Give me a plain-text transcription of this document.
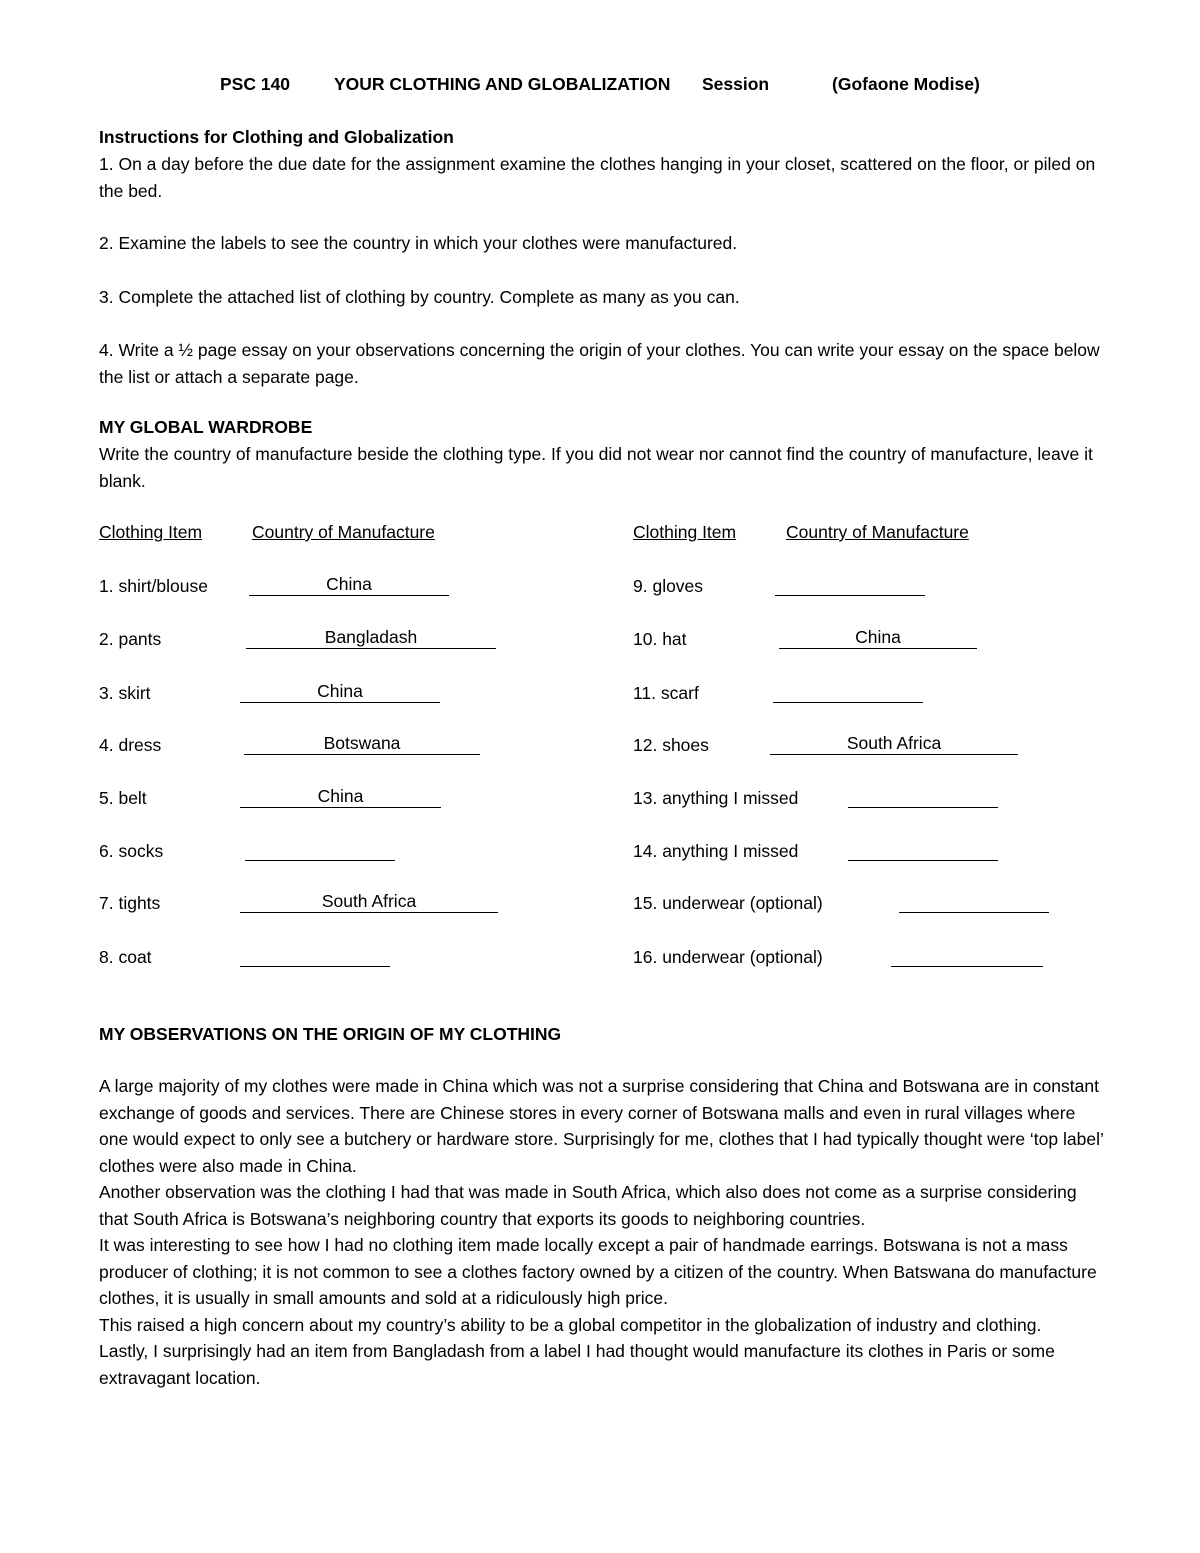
PSC 140	YOUR CLOTHING AND GLOBALIZATION Session	(Gofaone Modise)
Instructions for Clothing and Globalization
1. On a day before the due date for the assignment examine the clothes hanging in your closet, scattered on the floor, or piled on the bed.
2. Examine the labels to see the country in which your clothes were manufactured.
3. Complete the attached list of clothing by country. Complete as many as you can.
4. Write a ½ page essay on your observations concerning the origin of your clothes. You can write your essay on the space below the list or attach a separate page.
MY GLOBAL WARDROBE
Write the country of manufacture beside the clothing type. If you did not wear nor cannot find the country of manufacture, leave it blank.
Clothing Item	Country of Manufacture	Clothing Item	Country of Manufacture
1. shirt/blouse	China
2. pants	Bangladash
3. skirt	China
4. dress	Botswana
5. belt	China
6. socks
7. tights	South Africa
8. coat
9. gloves
10. hat	China
11. scarf
12. shoes	South Africa
13. anything I missed
14. anything I missed
15. underwear (optional)
16. underwear (optional)
MY OBSERVATIONS ON THE ORIGIN OF MY CLOTHING
A large majority of my clothes were made in China which was not a surprise considering that China and Botswana are in constant exchange of goods and services. There are Chinese stores in every corner of Botswana malls and even in rural villages where one would expect to only see a butchery or hardware store. Surprisingly for me, clothes that I had typically thought were ‘top label’ clothes were also made in China.
Another observation was the clothing I had that was made in South Africa, which also does not come as a surprise considering that South Africa is Botswana’s neighboring country that exports its goods to neighboring countries.
It was interesting to see how I had no clothing item made locally except a pair of handmade earrings. Botswana is not a mass producer of clothing; it is not common to see a clothes factory owned by a citizen of the country. When Batswana do manufacture clothes, it is usually in small amounts and sold at a ridiculously high price.
This raised a high concern about my country’s ability to be a global competitor in the globalization of industry and clothing.
Lastly, I surprisingly had an item from Bangladash from a label I had thought would manufacture its clothes in Paris or some extravagant location.
